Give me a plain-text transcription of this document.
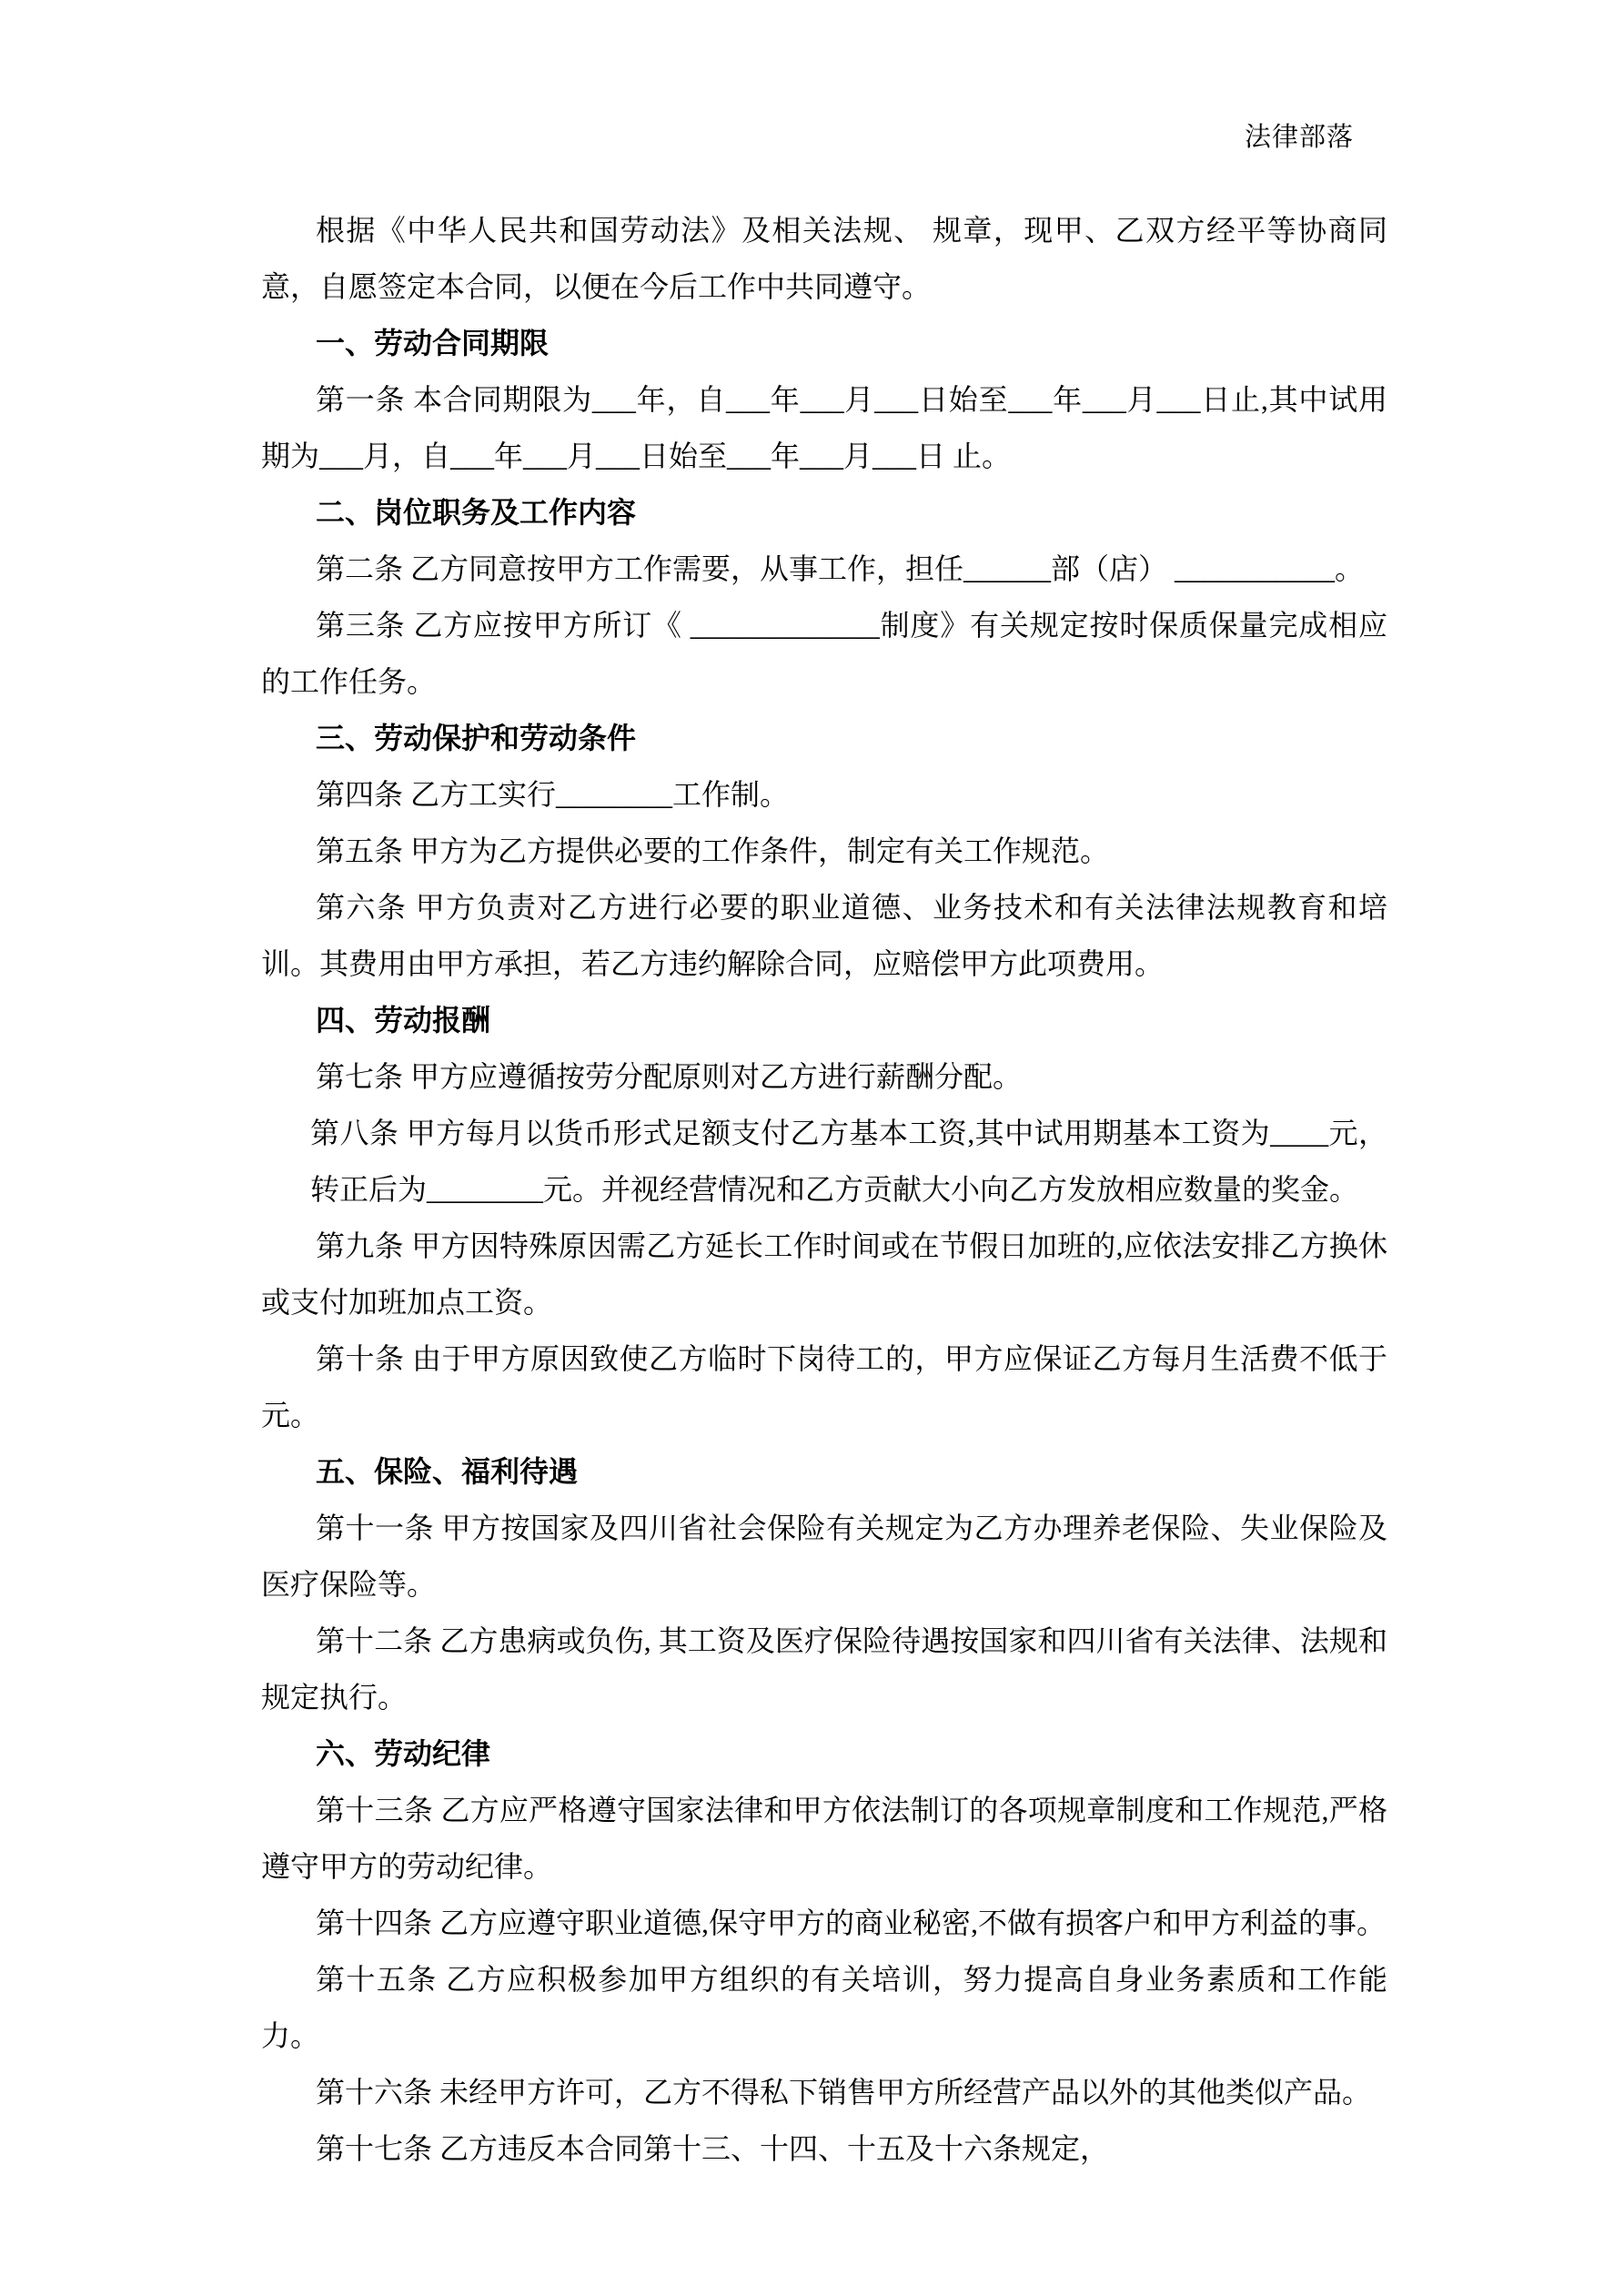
法律部落

根据《中华人民共和国劳动法》及相关法规、 规章，现甲、乙双方经平等协商同意，自愿签定本合同，以便在今后工作中共同遵守。

一、劳动合同期限

第一条 本合同期限为___年，自___年___月___日始至___年___月___日止,其中试用期为___月，自___年___月___日始至___年___月___日 止。

二、岗位职务及工作内容

第二条 乙方同意按甲方工作需要，从事工作，担任______部（店） ___________。

第三条 乙方应按甲方所订《 _____________制度》有关规定按时保质保量完成相应的工作任务。

三、劳动保护和劳动条件

第四条 乙方工实行________工作制。

第五条 甲方为乙方提供必要的工作条件，制定有关工作规范。

第六条 甲方负责对乙方进行必要的职业道德、业务技术和有关法律法规教育和培训。其费用由甲方承担，若乙方违约解除合同，应赔偿甲方此项费用。

四、劳动报酬

第七条 甲方应遵循按劳分配原则对乙方进行薪酬分配。

第八条 甲方每月以货币形式足额支付乙方基本工资,其中试用期基本工资为____元，转正后为________元。并视经营情况和乙方贡献大小向乙方发放相应数量的奖金。

第九条 甲方因特殊原因需乙方延长工作时间或在节假日加班的,应依法安排乙方换休或支付加班加点工资。

第十条 由于甲方原因致使乙方临时下岗待工的，甲方应保证乙方每月生活费不低于元。

五、保险、福利待遇

第十一条 甲方按国家及四川省社会保险有关规定为乙方办理养老保险、失业保险及医疗保险等。

第十二条 乙方患病或负伤, 其工资及医疗保险待遇按国家和四川省有关法律、法规和规定执行。

六、劳动纪律

第十三条 乙方应严格遵守国家法律和甲方依法制订的各项规章制度和工作规范,严格遵守甲方的劳动纪律。

第十四条 乙方应遵守职业道德,保守甲方的商业秘密,不做有损客户和甲方利益的事。

第十五条 乙方应积极参加甲方组织的有关培训，努力提高自身业务素质和工作能力。

第十六条 未经甲方许可，乙方不得私下销售甲方所经营产品以外的其他类似产品。

第十七条 乙方违反本合同第十三、十四、十五及十六条规定，
